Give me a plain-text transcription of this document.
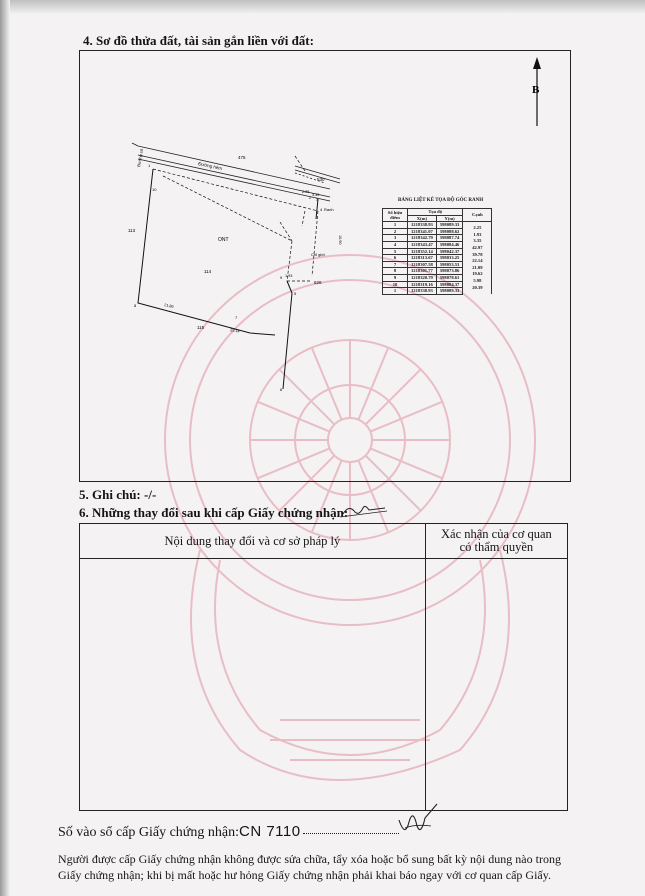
4. Sơ đồ thửa đất, tài sản gắn liền với đất:
B
Đường hẻm
Đường số	475
530
113
114
626
115
ONT
Chỉ giới
Ranh
1
2 3
4
5
6
7
8
9
10
10.90
21.86
3.35
2.25
1.93
22.14
BẢNG LIỆT KÊ TỌA ĐỘ GÓC RANH
Số hiệu điểm	Tọa độ		Cạnh
	X(m)	Y(m)	
1	1218338.93	598089.33	2.25
2	1218341.07	598088.62	1.93
3	1218342.79	598087.74	3.35
4	1218343.47	598084.46	42.97
5	1218352.14	598042.37	39.78
6	1218313.67	598033.25	22.14
7	1218307.58	598053.53	21.09
8	1218301.77	598073.86	19.62
9	1218320.79	598078.61	5.98
10	1218319.16	598084.37	20.39
1	1218338.93	598089.33	
5. Ghi chú: -/-
6. Những thay đổi sau khi cấp Giấy chứng nhận:
Nội dung thay đổi và cơ sở pháp lý	Xác nhận của cơ quan
có thẩm quyền

Số vào sổ cấp Giấy chứng nhận:CN 7110
Người được cấp Giấy chứng nhận không được sửa chữa, tẩy xóa hoặc bổ sung bất kỳ nội dung nào trong
Giấy chứng nhận; khi bị mất hoặc hư hỏng Giấy chứng nhận phải khai báo ngay với cơ quan cấp Giấy.
